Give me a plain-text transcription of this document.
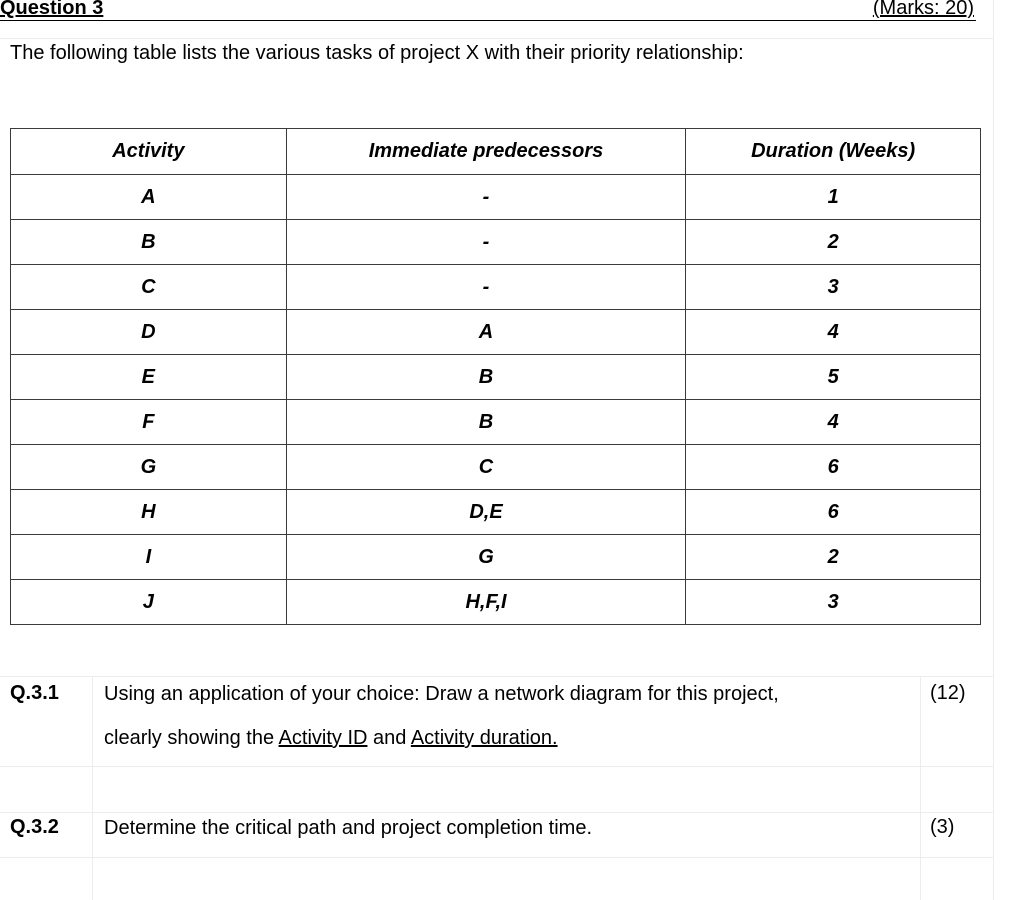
Question 3	(Marks: 20)
The following table lists the various tasks of project X with their priority relationship:
Activity	Immediate predecessors	Duration (Weeks)
A	-	1
B	-	2
C	-	3
D	A	4
E	B	5
F	B	4
G	C	6
H	D,E	6
I	G	2
J	H,F,I	3
Q.3.1 Using an application of your choice: Draw a network diagram for this project,
clearly showing the Activity ID and Activity duration.
(12)
Q.3.2 Determine the critical path and project completion time.	(3)
